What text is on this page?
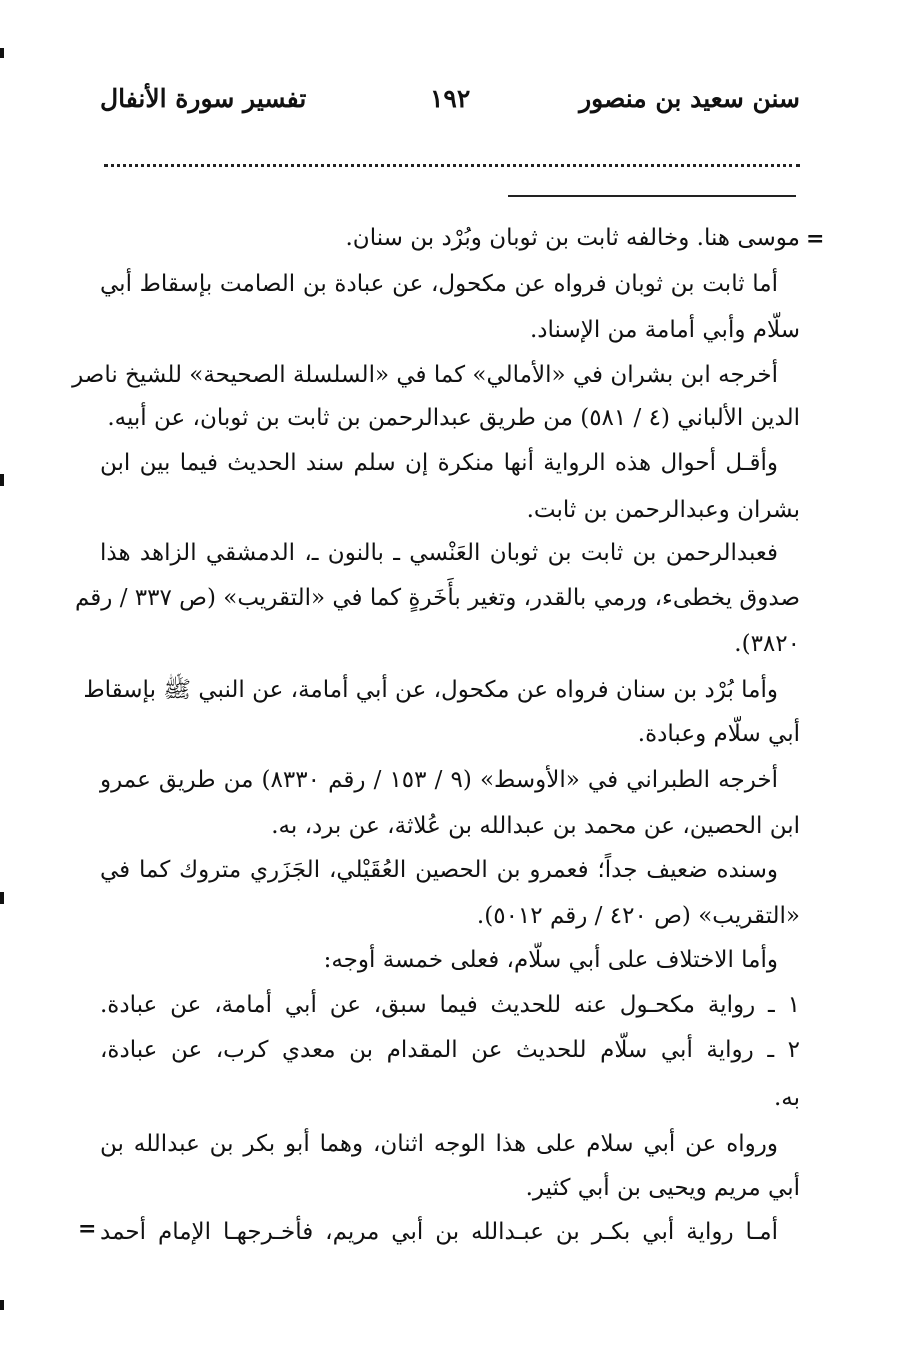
سنن سعيد بن منصور
١٩٢
تفسير سورة الأنفال
=
=
موسى هنا. وخالفه ثابت بن ثوبان وبُرْد بن سنان.
أما ثابت بن ثوبان فرواه عن مكحول، عن عبادة بن الصامت بإسقاط أبي
سلّام وأبي أمامة من الإسناد.
أخرجه ابن بشران في «الأمالي» كما في «السلسلة الصحيحة» للشيخ ناصر
الدين الألباني (٤ / ٥٨١) من طريق عبدالرحمن بن ثابت بن ثوبان، عن أبيه.
وأقـل أحوال هذه الرواية أنها منكرة إن سلم سند الحديث فيما بين ابن
بشران وعبدالرحمن بن ثابت.
فعبدالرحمن بن ثابت بن ثوبان العَنْسي ـ بالنون ـ، الدمشقي الزاهد هذا
صدوق يخطىء، ورمي بالقدر، وتغير بأَخَرةٍ كما في «التقريب» (ص ٣٣٧ / رقم
٣٨٢٠).
وأما بُرْد بن سنان فرواه عن مكحول، عن أبي أمامة، عن النبي ﷺ بإسقاط
أبي سلّام وعبادة.
أخرجه الطبراني في «الأوسط» (٩ / ١٥٣ / رقم ٨٣٣٠) من طريق عمرو
ابن الحصين، عن محمد بن عبدالله بن عُلاثة، عن برد، به.
وسنده ضعيف جداً؛ فعمرو بن الحصين العُقَيْلي، الجَزَري متروك كما في
«التقريب» (ص ٤٢٠ / رقم ٥٠١٢).
وأما الاختلاف على أبي سلّام، فعلى خمسة أوجه:
١ ـ رواية مكحـول عنه للحديث فيما سبق، عن أبي أمامة، عن عبادة.
٢ ـ رواية أبي سلّام للحديث عن المقدام بن معدي كرب، عن عبادة،
به.
ورواه عن أبي سلام على هذا الوجه اثنان، وهما أبو بكر بن عبدالله بن
أبي مريم ويحيى بن أبي كثير.
أمـا رواية أبي بكـر بن عبـدالله بن أبي مريم، فأخـرجهـا الإمام أحمد
